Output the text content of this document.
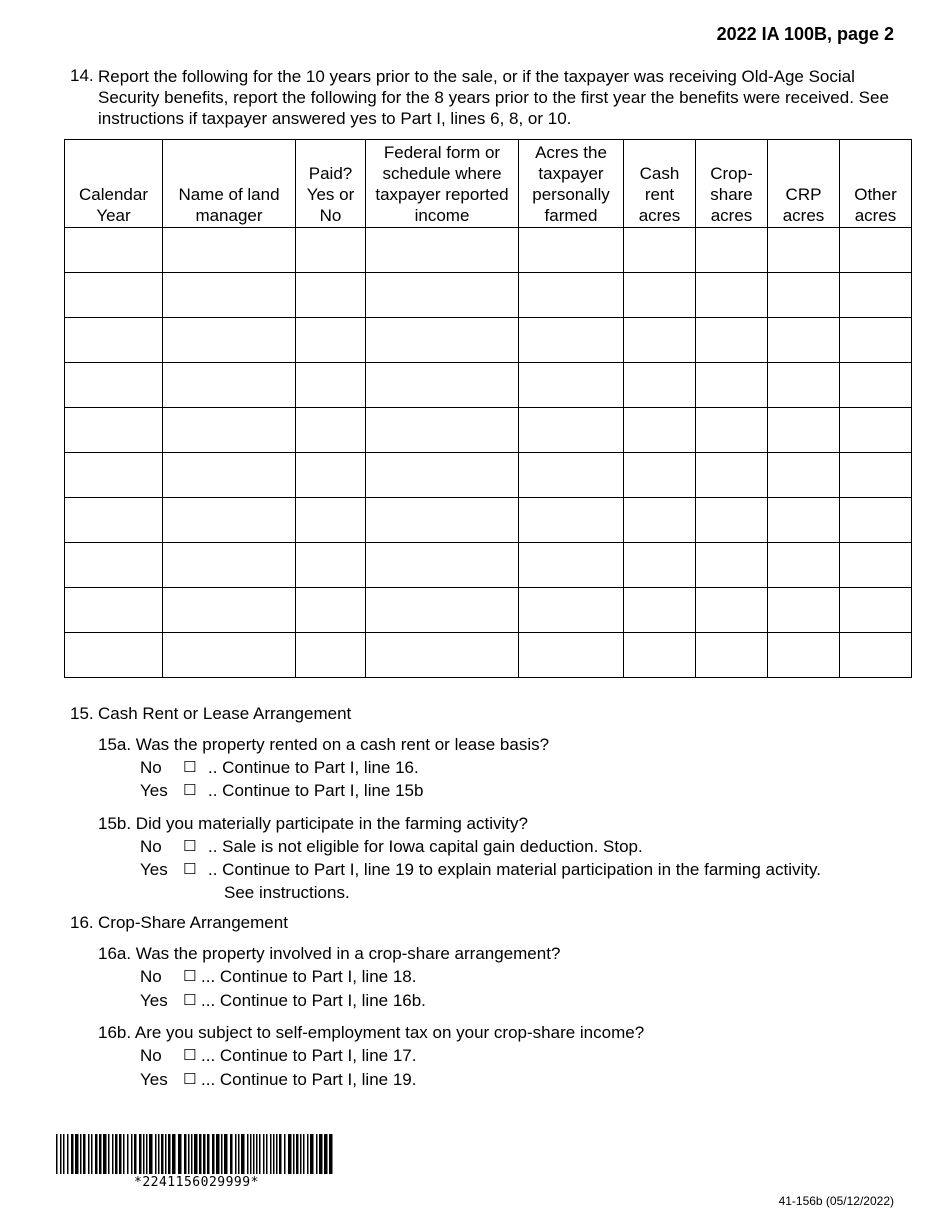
2022 IA 100B, page 2
14. Report the following for the 10 years prior to the sale, or if the taxpayer was receiving Old-Age Social Security benefits, report the following for the 8 years prior to the first year the benefits were received. See instructions if taxpayer answered yes to Part I, lines 6, 8, or 10.
Calendar Year	Name of land manager	Paid? Yes or No	Federal form or schedule where taxpayer reported income	Acres the taxpayer personally farmed	Cash rent acres	Crop-share acres	CRP acres	Other acres

15. Cash Rent or Lease Arrangement
15a. Was the property rented on a cash rent or lease basis?
No ☐ .. Continue to Part I, line 16.
Yes ☐ .. Continue to Part I, line 15b
15b. Did you materially participate in the farming activity?
No ☐ .. Sale is not eligible for Iowa capital gain deduction. Stop.
Yes ☐ .. Continue to Part I, line 19 to explain material participation in the farming activity.
See instructions.
16. Crop-Share Arrangement
16a. Was the property involved in a crop-share arrangement?
No ☐ ... Continue to Part I, line 18.
Yes ☐ ... Continue to Part I, line 16b.
16b. Are you subject to self-employment tax on your crop-share income?
No ☐ ... Continue to Part I, line 17.
Yes ☐ ... Continue to Part I, line 19.
*2241156029999*
41-156b (05/12/2022)
